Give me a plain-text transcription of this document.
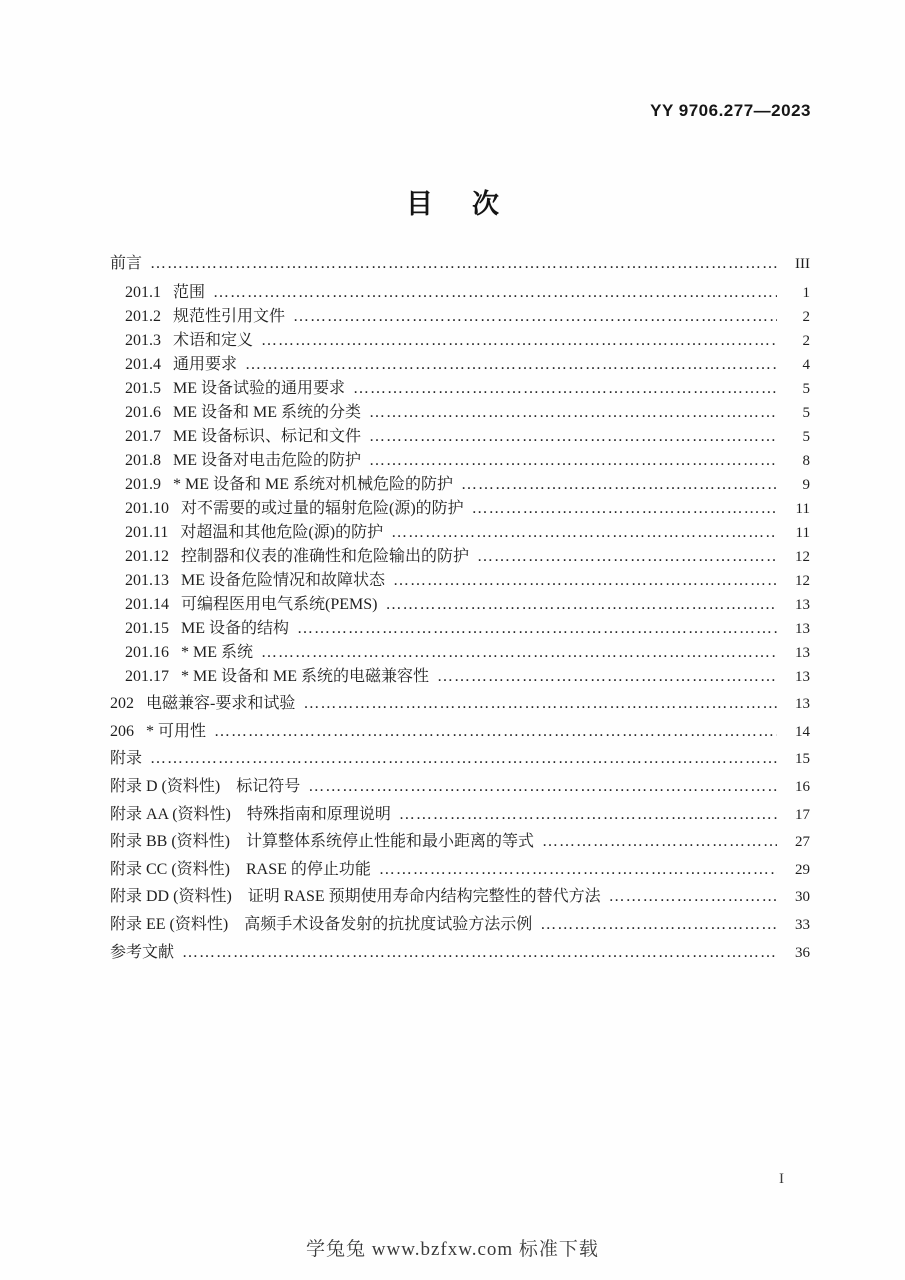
YY 9706.277—2023
目　次
前言 ……………………………………………………………………………………………………………………………………………………………………………………………………………………………………………………………………	III
201.1 范围 ……………………………………………………………………………………………………………………………………………………………………………………………………………………………………………………………………	1
201.2 规范性引用文件 ……………………………………………………………………………………………………………………………………………………………………………………………………………………………………………………………………	2
201.3 术语和定义 ……………………………………………………………………………………………………………………………………………………………………………………………………………………………………………………………………	2
201.4 通用要求 ……………………………………………………………………………………………………………………………………………………………………………………………………………………………………………………………………	4
201.5 ME 设备试验的通用要求 ……………………………………………………………………………………………………………………………………………………………………………………………………………………………………………………………………	5
201.6 ME 设备和 ME 系统的分类 ……………………………………………………………………………………………………………………………………………………………………………………………………………………………………………………………………	5
201.7 ME 设备标识、标记和文件 ……………………………………………………………………………………………………………………………………………………………………………………………………………………………………………………………………	5
201.8 ME 设备对电击危险的防护 ……………………………………………………………………………………………………………………………………………………………………………………………………………………………………………………………………	8
201.9 * ME 设备和 ME 系统对机械危险的防护 ……………………………………………………………………………………………………………………………………………………………………………………………………………………………………………………………………	9
201.10 对不需要的或过量的辐射危险(源)的防护 ……………………………………………………………………………………………………………………………………………………………………………………………………………………………………………………………………	11
201.11 对超温和其他危险(源)的防护 ……………………………………………………………………………………………………………………………………………………………………………………………………………………………………………………………………	11
201.12 控制器和仪表的准确性和危险输出的防护 ……………………………………………………………………………………………………………………………………………………………………………………………………………………………………………………………………	12
201.13 ME 设备危险情况和故障状态 ……………………………………………………………………………………………………………………………………………………………………………………………………………………………………………………………………	12
201.14 可编程医用电气系统(PEMS) ……………………………………………………………………………………………………………………………………………………………………………………………………………………………………………………………………	13
201.15 ME 设备的结构 ……………………………………………………………………………………………………………………………………………………………………………………………………………………………………………………………………	13
201.16 * ME 系统 ……………………………………………………………………………………………………………………………………………………………………………………………………………………………………………………………………	13
201.17 * ME 设备和 ME 系统的电磁兼容性 ……………………………………………………………………………………………………………………………………………………………………………………………………………………………………………………………………	13
202 电磁兼容-要求和试验 ……………………………………………………………………………………………………………………………………………………………………………………………………………………………………………………………………	13
206 * 可用性 ……………………………………………………………………………………………………………………………………………………………………………………………………………………………………………………………………	14
附录 ……………………………………………………………………………………………………………………………………………………………………………………………………………………………………………………………………	15
附录 D (资料性)　标记符号 ……………………………………………………………………………………………………………………………………………………………………………………………………………………………………………………………………	16
附录 AA (资料性)　特殊指南和原理说明 ……………………………………………………………………………………………………………………………………………………………………………………………………………………………………………………………………	17
附录 BB (资料性)　计算整体系统停止性能和最小距离的等式 ……………………………………………………………………………………………………………………………………………………………………………………………………………………………………………………………………	27
附录 CC (资料性)　RASE 的停止功能 ……………………………………………………………………………………………………………………………………………………………………………………………………………………………………………………………………	29
附录 DD (资料性)　证明 RASE 预期使用寿命内结构完整性的替代方法 ……………………………………………………………………………………………………………………………………………………………………………………………………………………………………………………………………	30
附录 EE (资料性)　高频手术设备发射的抗扰度试验方法示例 ……………………………………………………………………………………………………………………………………………………………………………………………………………………………………………………………………	33
参考文献 ……………………………………………………………………………………………………………………………………………………………………………………………………………………………………………………………………	36
I
学兔兔 www.bzfxw.com 标准下载
